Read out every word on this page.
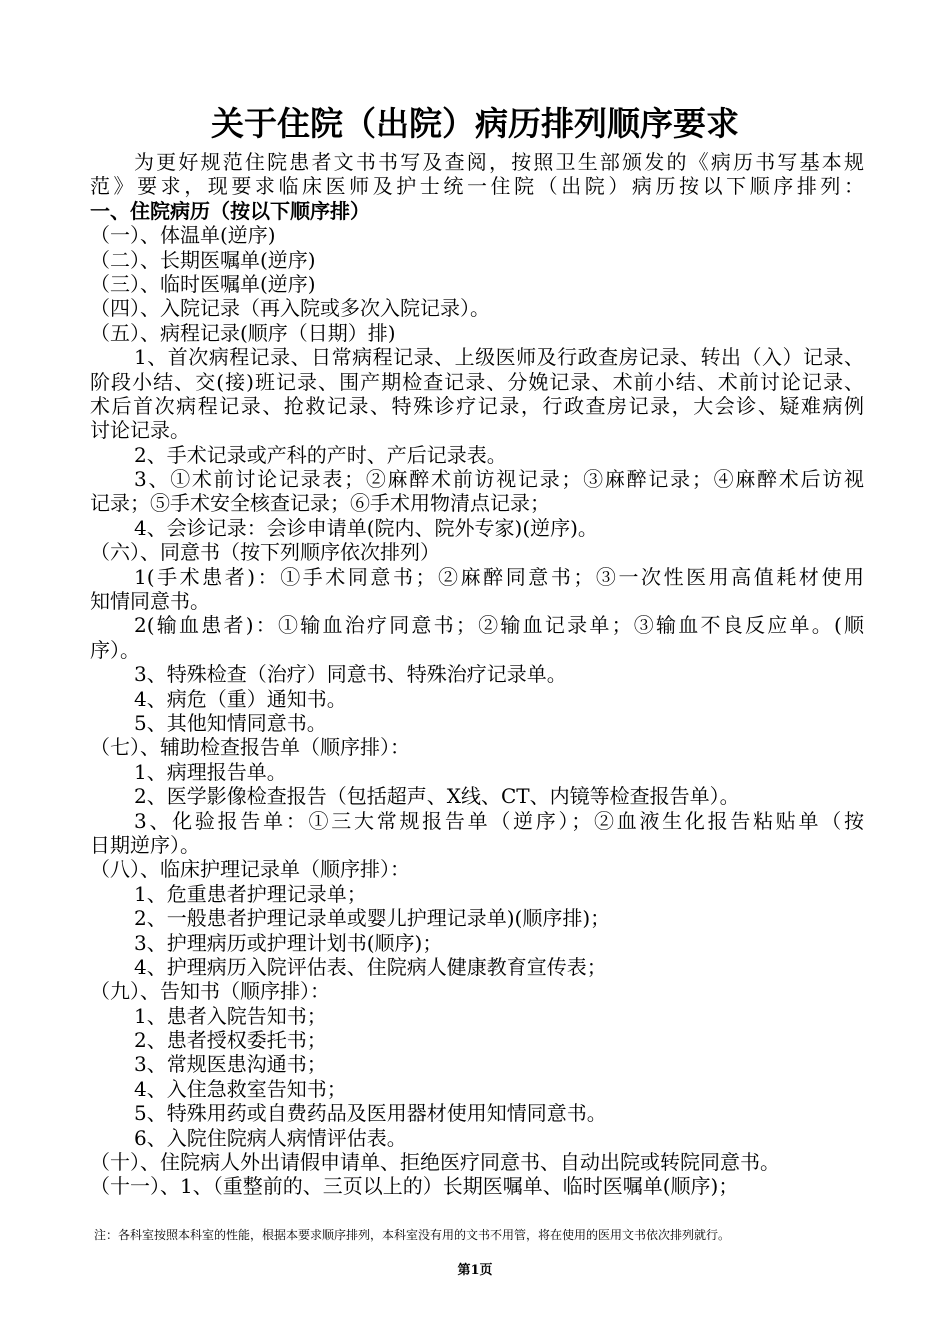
关于住院（出院）病历排列顺序要求
为更好规范住院患者文书书写及查阅，按照卫生部颁发的《病历书写基本规
范》要求，现要求临床医师及护士统一住院（出院）病历按以下顺序排列：
一、住院病历（按以下顺序排）
（一）、体温单(逆序)
（二）、长期医嘱单(逆序)
（三）、临时医嘱单(逆序)
（四）、入院记录（再入院或多次入院记录）。
（五）、病程记录(顺序（日期）排)
1、首次病程记录、日常病程记录、上级医师及行政查房记录、转出（入）记录、
阶段小结、交(接)班记录、围产期检查记录、分娩记录、术前小结、术前讨论记录、
术后首次病程记录、抢救记录、特殊诊疗记录，行政查房记录，大会诊、疑难病例
讨论记录。
2、手术记录或产科的产时、产后记录表。
3、①术前讨论记录表；②麻醉术前访视记录；③麻醉记录；④麻醉术后访视
记录；⑤手术安全核查记录；⑥手术用物清点记录；
4、会诊记录：会诊申请单(院内、院外专家)(逆序)。
（六）、同意书（按下列顺序依次排列）
1(手术患者)：①手术同意书；②麻醉同意书；③一次性医用高值耗材使用
知情同意书。
2(输血患者)：①输血治疗同意书；②输血记录单；③输血不良反应单。(顺
序）。
3、特殊检查（治疗）同意书、特殊治疗记录单。
4、病危（重）通知书。
5、其他知情同意书。
（七）、辅助检查报告单（顺序排）：
1、病理报告单。
2、医学影像检查报告（包括超声、X线、CT、内镜等检查报告单）。
3、化验报告单：①三大常规报告单（逆序）；②血液生化报告粘贴单（按
日期逆序）。
（八）、临床护理记录单（顺序排）：
1、危重患者护理记录单；
2、一般患者护理记录单或婴儿护理记录单)(顺序排)；
3、护理病历或护理计划书(顺序)；
4、护理病历入院评估表、住院病人健康教育宣传表；
（九）、告知书（顺序排）：
1、患者入院告知书；
2、患者授权委托书；
3、常规医患沟通书；
4、入住急救室告知书；
5、特殊用药或自费药品及医用器材使用知情同意书。
6、入院住院病人病情评估表。
（十）、住院病人外出请假申请单、拒绝医疗同意书、自动出院或转院同意书。
（十一）、1、（重整前的、三页以上的）长期医嘱单、临时医嘱单(顺序)；
注：各科室按照本科室的性能，根据本要求顺序排列，本科室没有用的文书不用管，将在使用的医用文书依次排列就行。
第1页
